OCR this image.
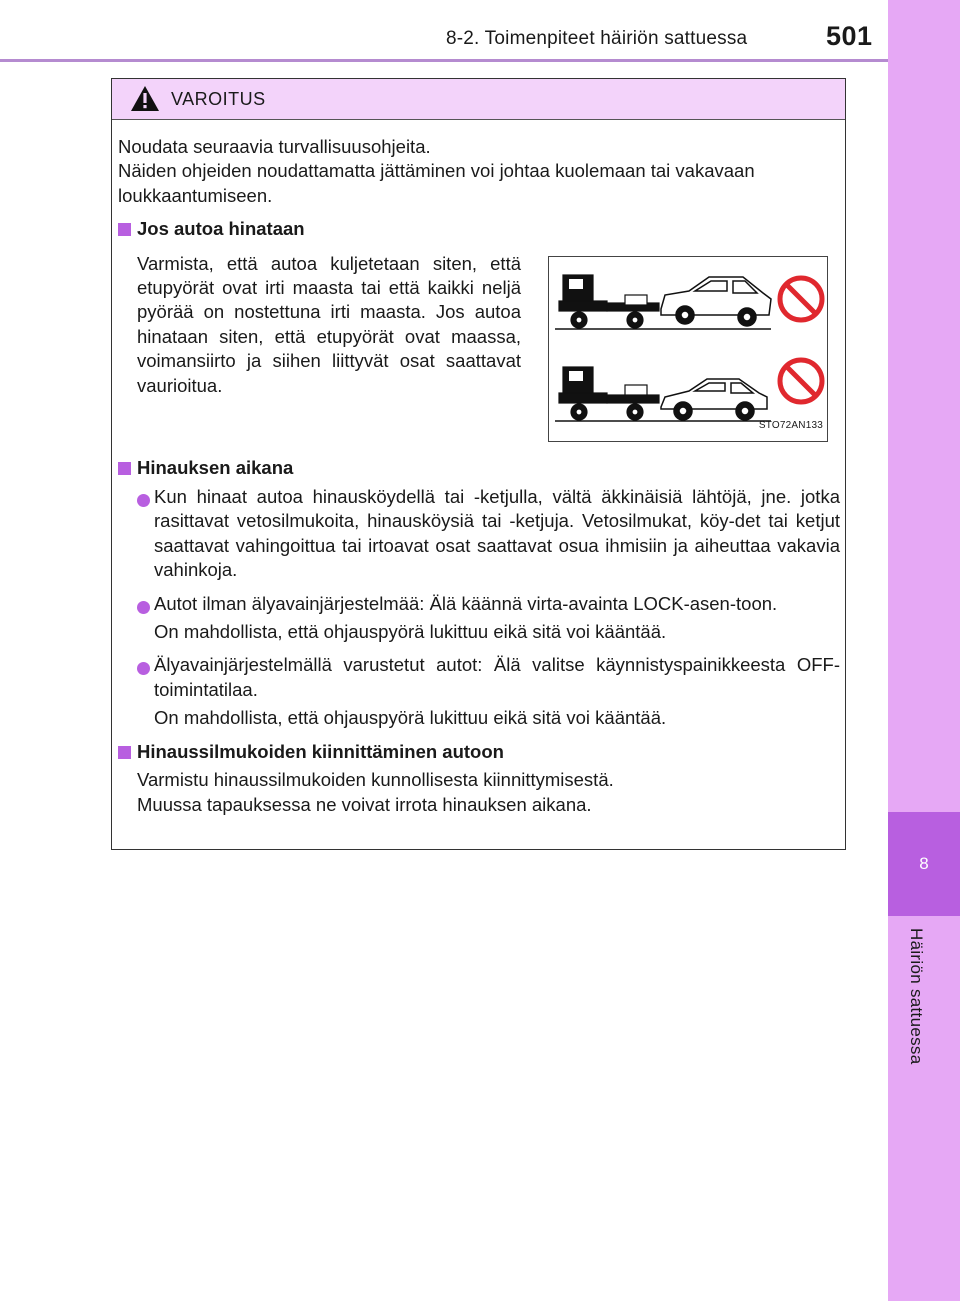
8-2. Toimenpiteet häiriön sattuessa	501
8
Häiriön sattuessa
VAROITUS

Noudata seuraavia turvallisuusohjeita.

Näiden ohjeiden noudattamatta jättäminen voi johtaa kuolemaan tai vakavaan loukkaantumiseen.

Jos autoa hinataan
Varmista, että autoa kuljetetaan siten, että etupyörät ovat irti maasta tai että kaikki neljä pyörää on nostettuna irti maasta. Jos autoa hinataan siten, että etupyörät ovat maassa, voimansiirto ja siihen liittyvät osat saattavat vaurioitua.
STO72AN133
Hinauksen aikana
Kun hinaat autoa hinausköydellä tai -ketjulla, vältä äkkinäisiä lähtöjä, jne. jotka rasittavat vetosilmukoita, hinausköysiä tai -ketjuja. Vetosilmukat, köy-det tai ketjut saattavat vahingoittua tai irtoavat osat saattavat osua ihmisiin ja aiheuttaa vakavia vahinkoja.
Autot ilman älyavainjärjestelmää: Älä käännä virta-avainta LOCK-asen-toon.
On mahdollista, että ohjauspyörä lukittuu eikä sitä voi kääntää.
Älyavainjärjestelmällä varustetut autot: Älä valitse käynnistyspainikkeesta OFF-toimintatilaa.
On mahdollista, että ohjauspyörä lukittuu eikä sitä voi kääntää.
Hinaussilmukoiden kiinnittäminen autoon
Varmistu hinaussilmukoiden kunnollisesta kiinnittymisestä.
Muussa tapauksessa ne voivat irrota hinauksen aikana.
